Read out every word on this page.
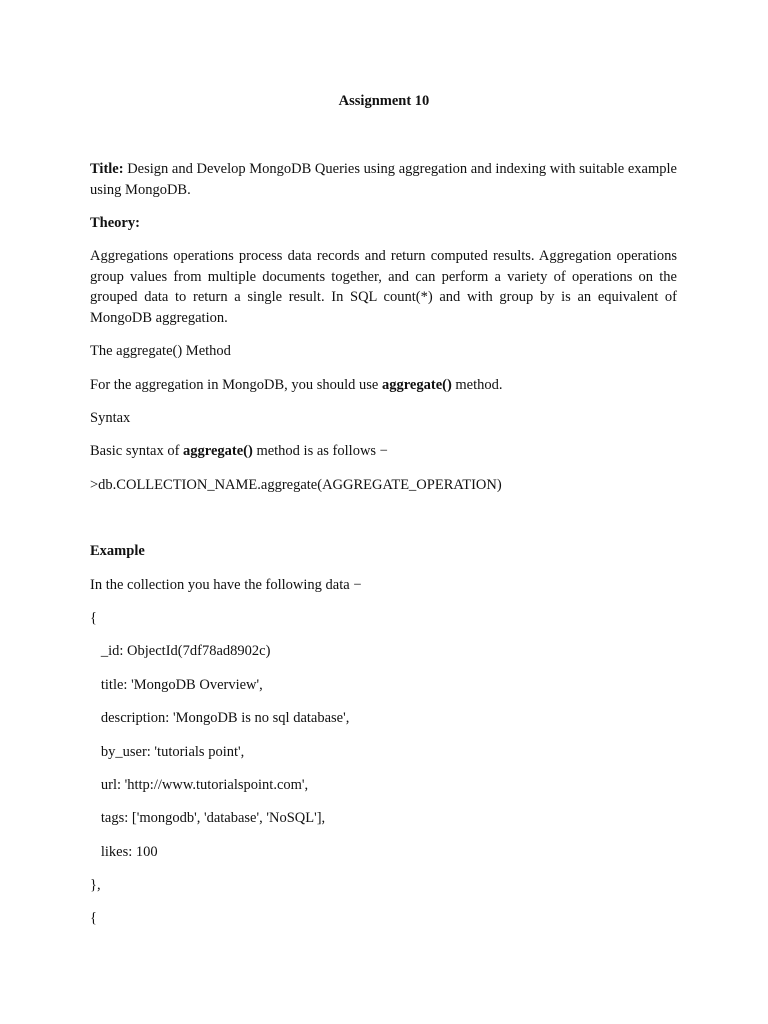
Assignment 10
Title: Design and Develop MongoDB Queries using aggregation and indexing with suitable example using MongoDB.
Theory:
Aggregations operations process data records and return computed results. Aggregation operations group values from multiple documents together, and can perform a variety of operations on the grouped data to return a single result. In SQL count(*) and with group by is an equivalent of MongoDB aggregation.
The aggregate() Method
For the aggregation in MongoDB, you should use aggregate() method.
Syntax
Basic syntax of aggregate() method is as follows −
>db.COLLECTION_NAME.aggregate(AGGREGATE_OPERATION)
Example
In the collection you have the following data −
{
_id: ObjectId(7df78ad8902c)
title: 'MongoDB Overview',
description: 'MongoDB is no sql database',
by_user: 'tutorials point',
url: 'http://www.tutorialspoint.com',
tags: ['mongodb', 'database', 'NoSQL'],
likes: 100
},
{
